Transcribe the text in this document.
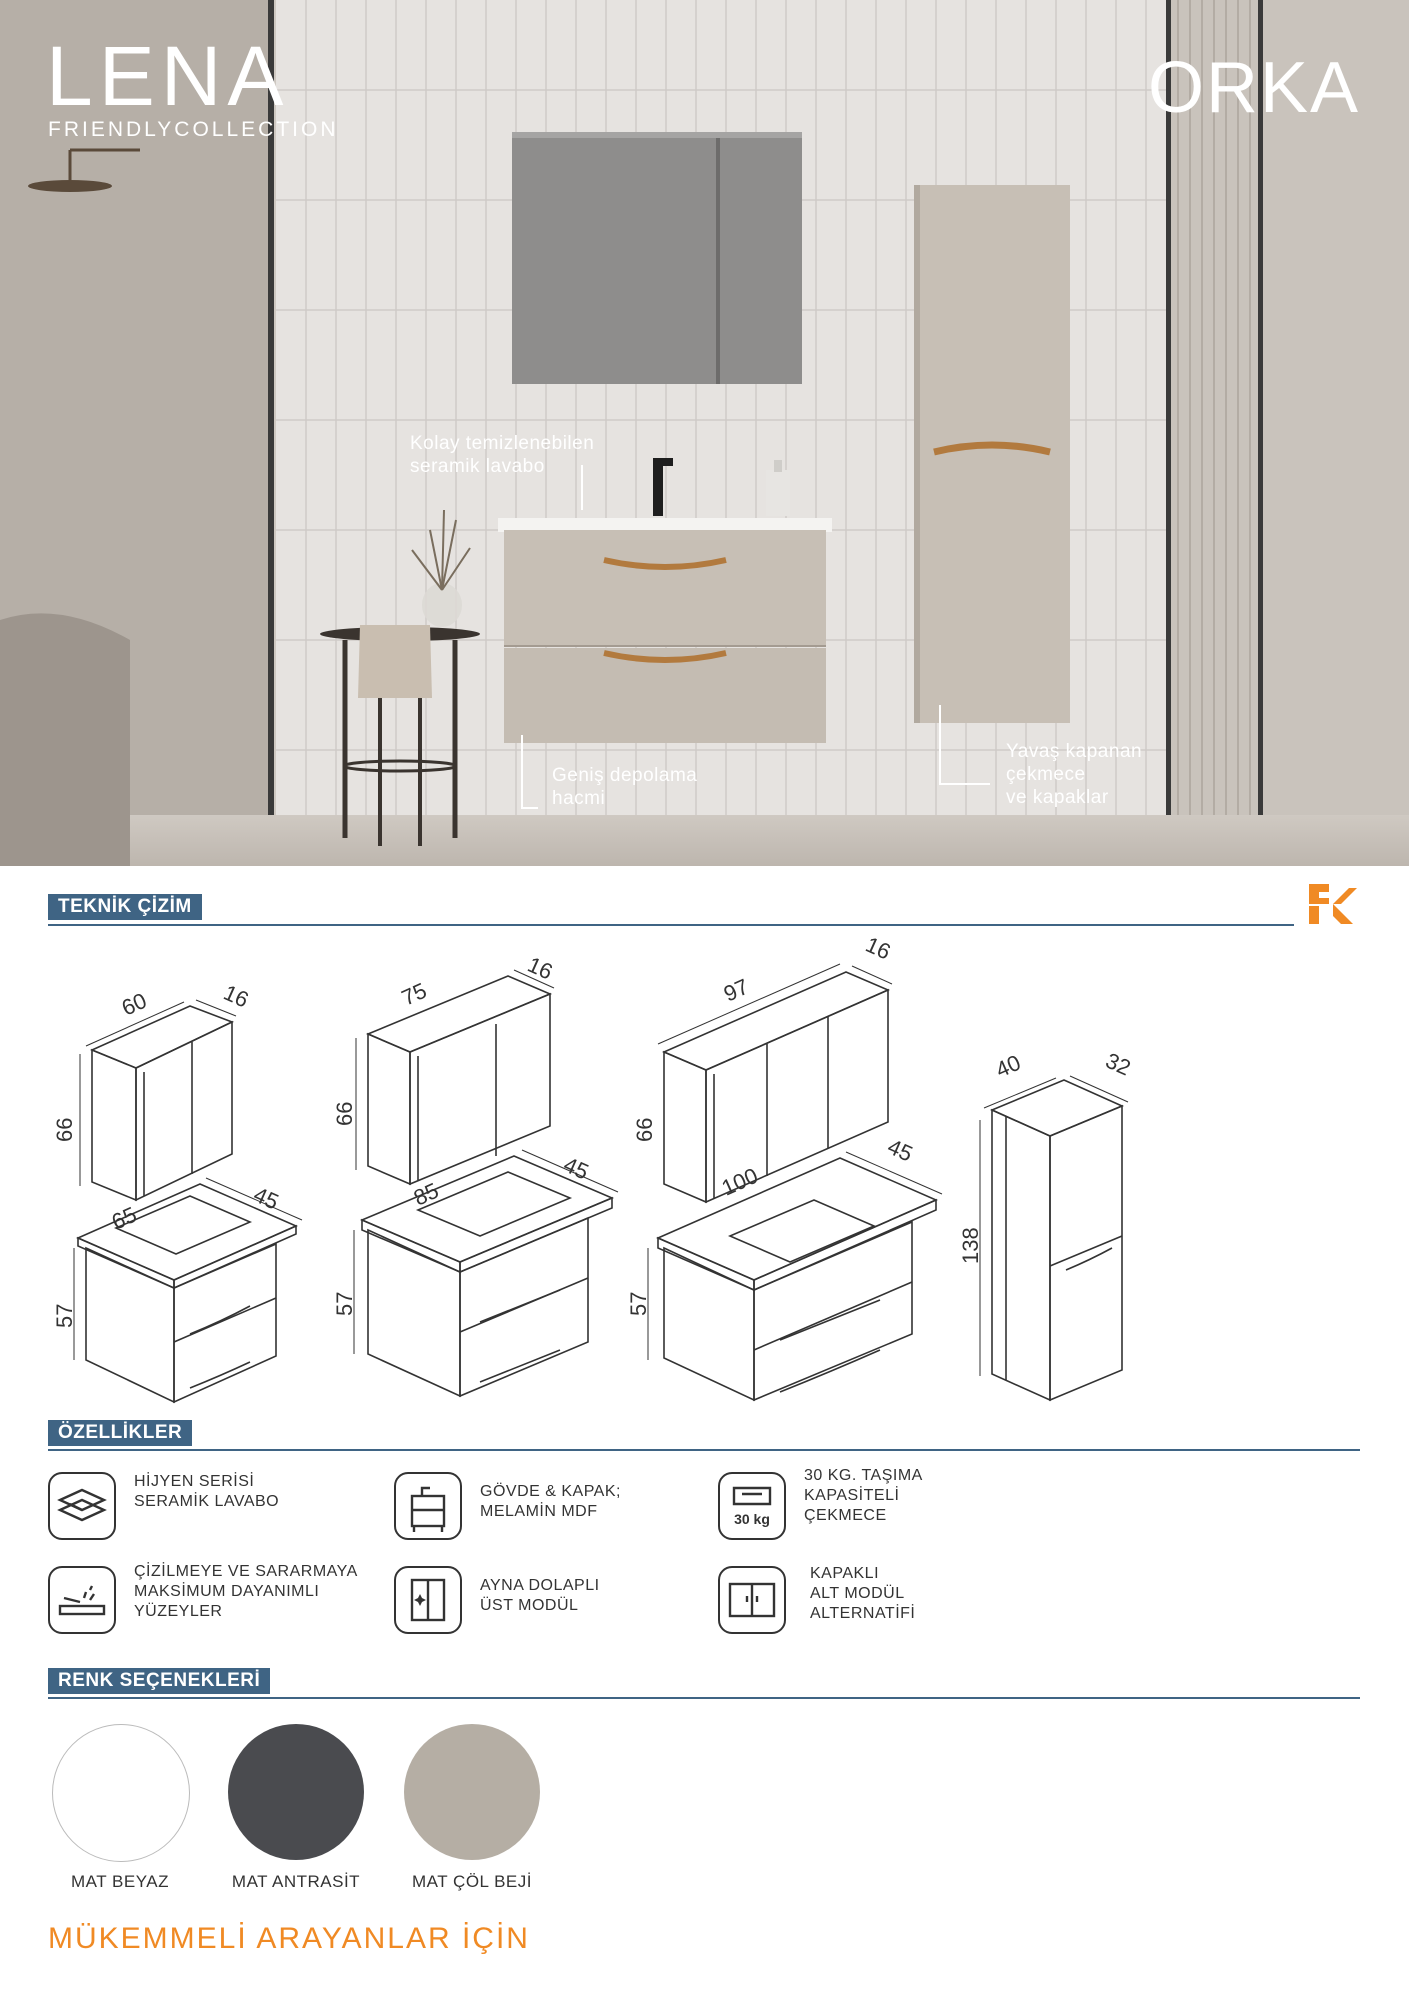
LENA
FRIENDLYCOLLECTION
ORKA
Kolay temizlenebilen
seramik lavabo
Geniş depolama
hacmi
Yavaş kapanan
çekmece
ve kapaklar
TEKNİK ÇİZİM
60	16
66
65
45
57
75
16
66
85
45
57
97
16
66
100
45
57
40	32
138
ÖZELLİKLER
HİJYEN SERİSİ
SERAMİK LAVABO
GÖVDE & KAPAK;
MELAMİN MDF	30 kg
30 KG. TAŞIMA
KAPASİTELİ
ÇEKMECE
ÇİZİLMEYE VE SARARMAYA
MAKSİMUM DAYANIMLI
YÜZEYLER
AYNA DOLAPLI
ÜST MODÜL
KAPAKLI
ALT MODÜL
ALTERNATİFİ
RENK SEÇENEKLERİ
MAT BEYAZ	MAT ANTRASİT	MAT ÇÖL BEJİ
MÜKEMMELİ ARAYANLAR İÇİN
